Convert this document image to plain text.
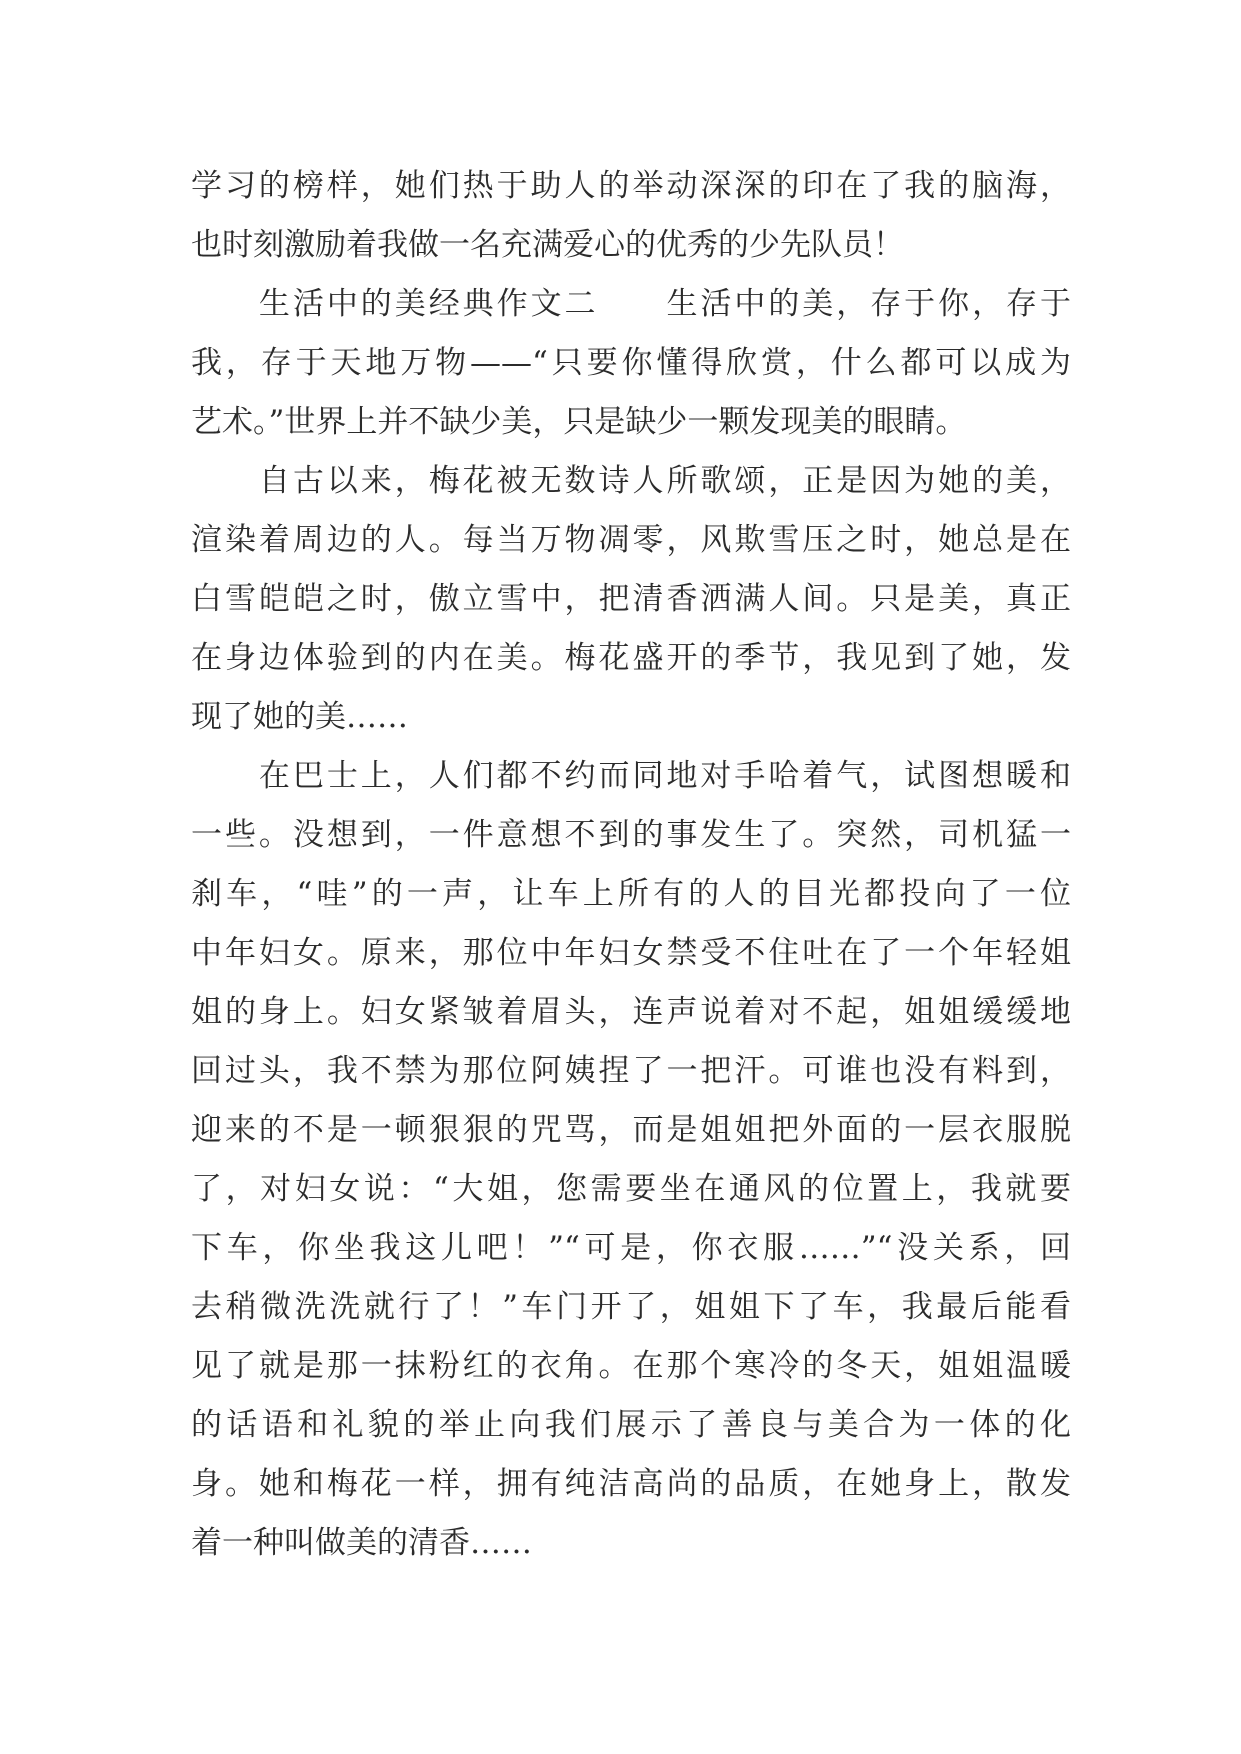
学习的榜样，她们热于助人的举动深深的印在了我的脑海，
也时刻激励着我做一名充满爱心的优秀的少先队员！
　　生活中的美经典作文二　　生活中的美，存于你，存于
我，存于天地万物——“只要你懂得欣赏，什么都可以成为
艺术。”世界上并不缺少美，只是缺少一颗发现美的眼睛。
　　自古以来，梅花被无数诗人所歌颂，正是因为她的美，
渲染着周边的人。每当万物凋零，风欺雪压之时，她总是在
白雪皑皑之时，傲立雪中，把清香洒满人间。只是美，真正
在身边体验到的内在美。梅花盛开的季节，我见到了她，发
现了她的美……
　　在巴士上，人们都不约而同地对手哈着气，试图想暖和
一些。没想到，一件意想不到的事发生了。突然，司机猛一
刹车，“哇”的一声，让车上所有的人的目光都投向了一位
中年妇女。原来，那位中年妇女禁受不住吐在了一个年轻姐
姐的身上。妇女紧皱着眉头，连声说着对不起，姐姐缓缓地
回过头，我不禁为那位阿姨捏了一把汗。可谁也没有料到，
迎来的不是一顿狠狠的咒骂，而是姐姐把外面的一层衣服脱
了，对妇女说：“大姐，您需要坐在通风的位置上，我就要
下车，你坐我这儿吧！”“可是，你衣服……”“没关系，回
去稍微洗洗就行了！”车门开了，姐姐下了车，我最后能看
见了就是那一抹粉红的衣角。在那个寒冷的冬天，姐姐温暖
的话语和礼貌的举止向我们展示了善良与美合为一体的化
身。她和梅花一样，拥有纯洁高尚的品质，在她身上，散发
着一种叫做美的清香……
